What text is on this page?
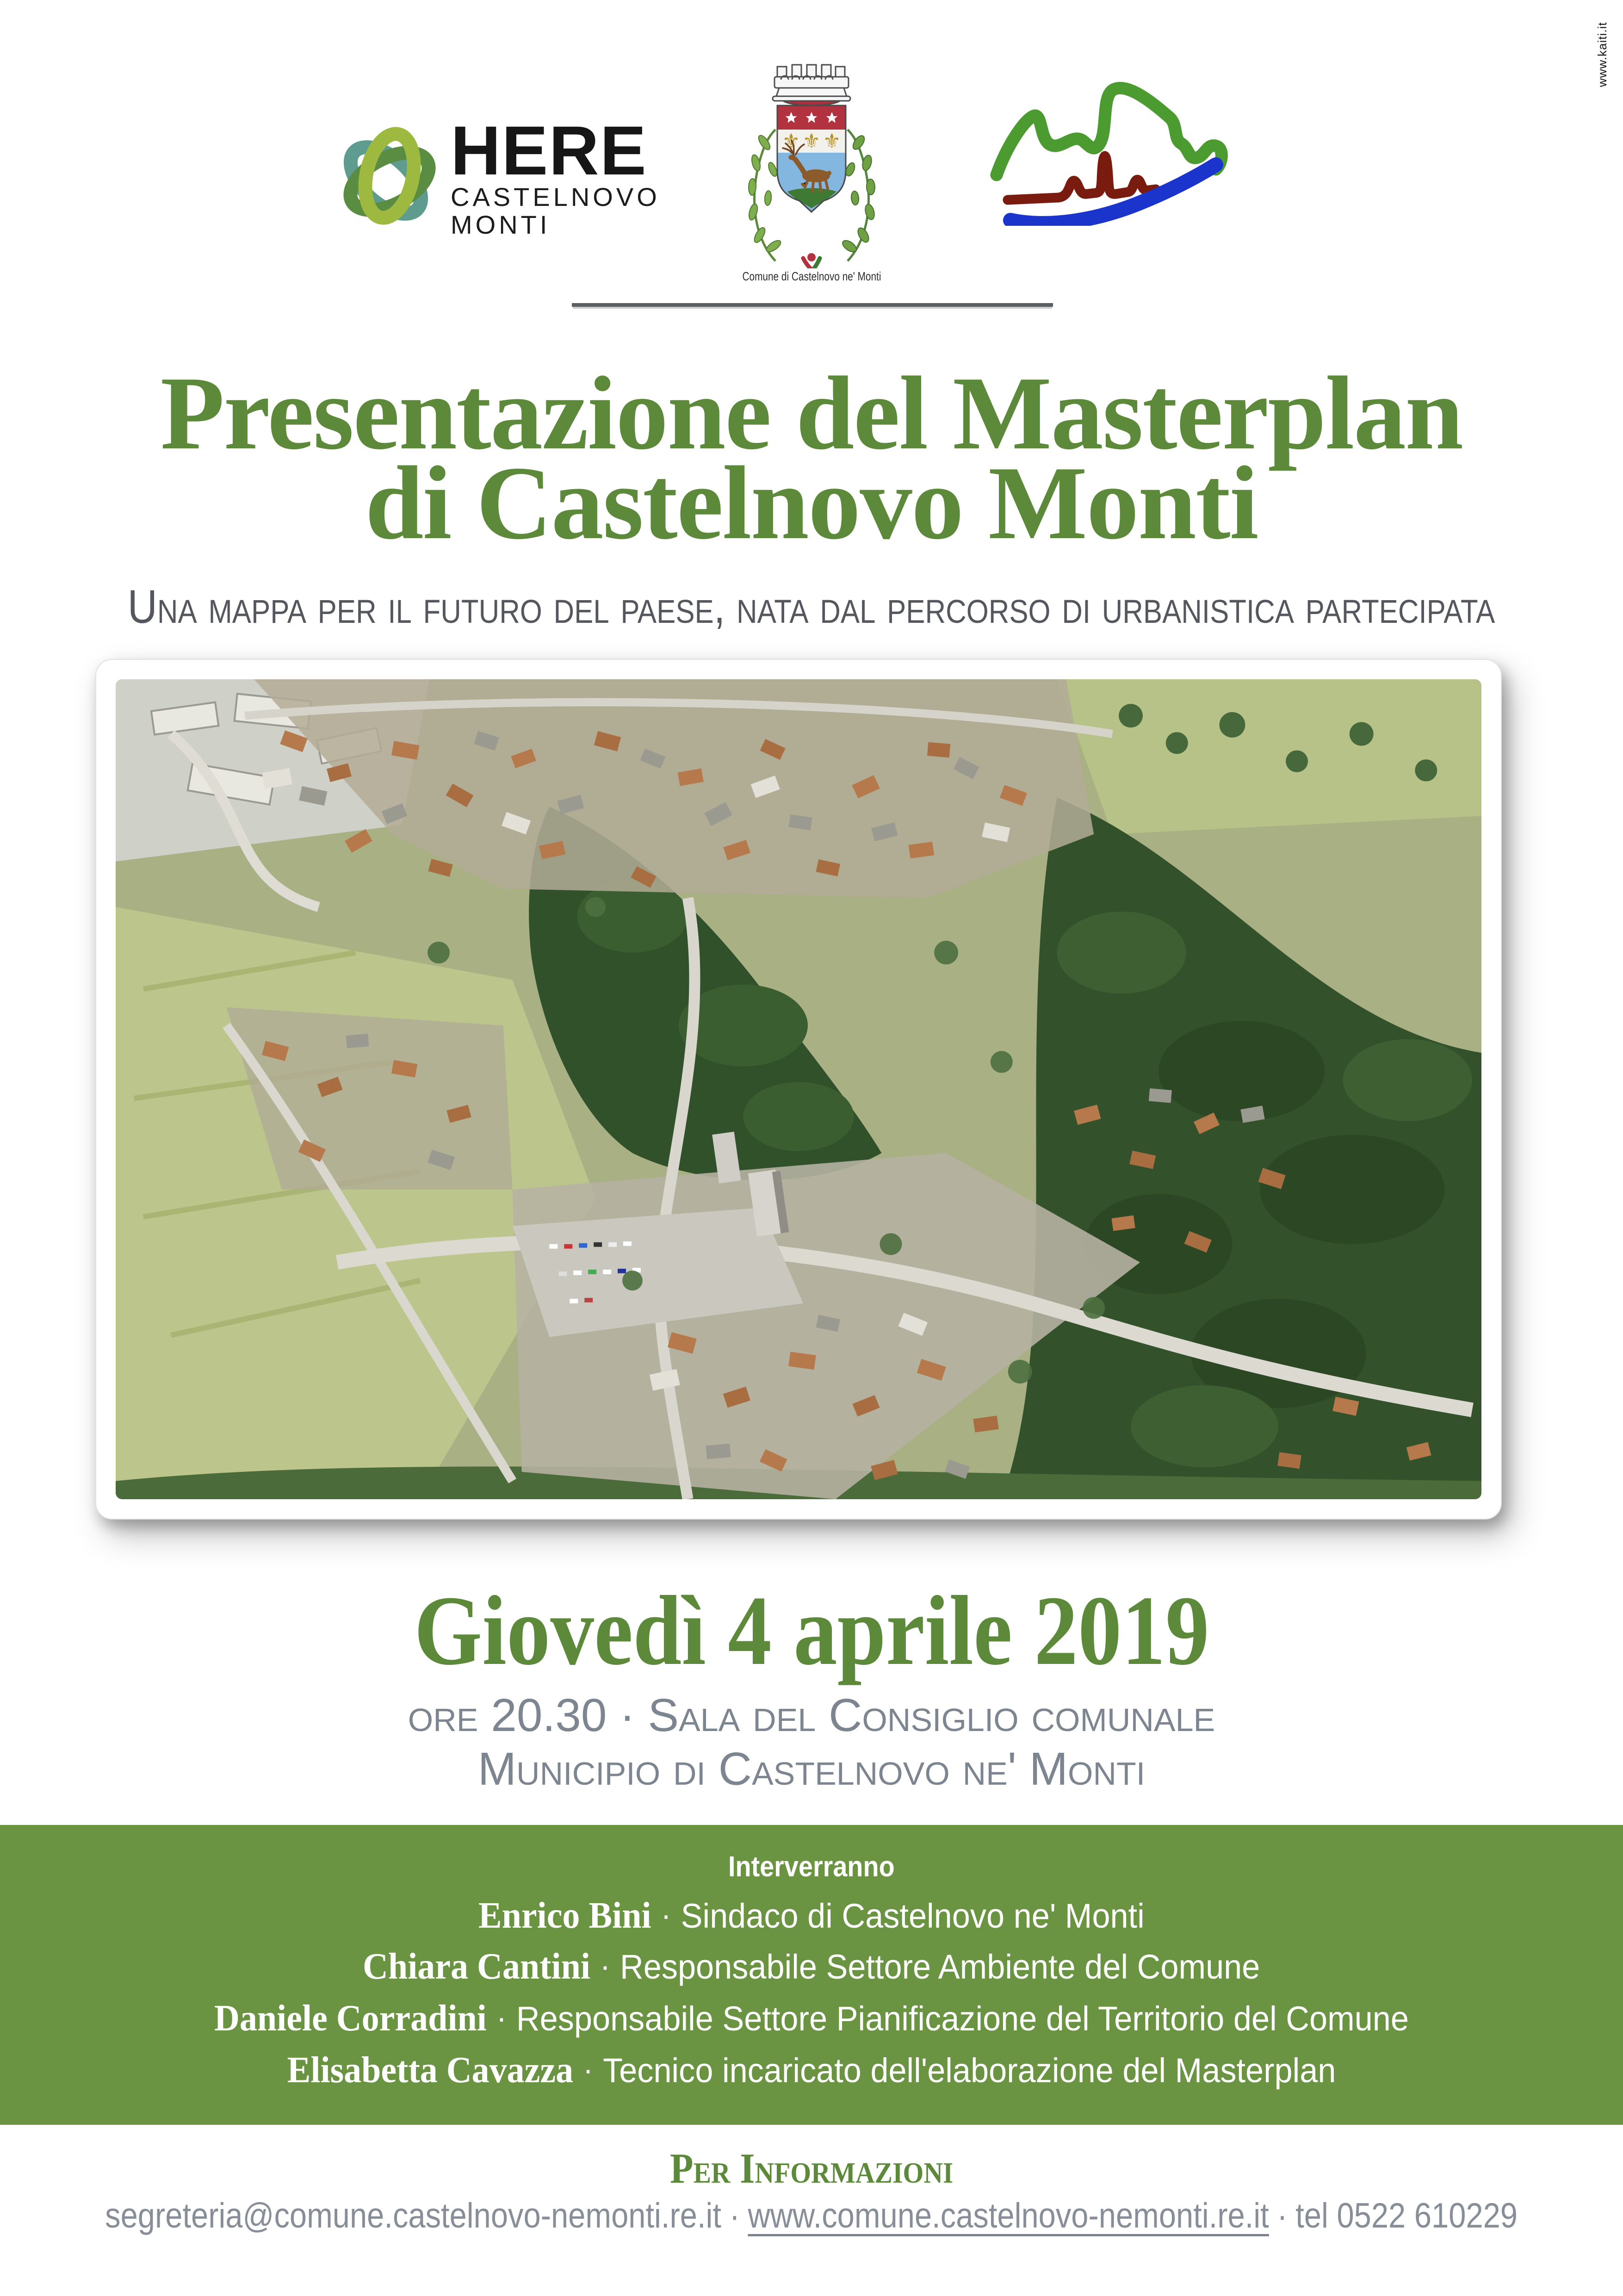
HERE
CASTELNOVO
MONTI
⚜ ⚜ ⚜
Comune di Castelnovo ne' Monti
www.kaiti.it
Presentazione del Masterplan
di Castelnovo Monti
Una mappa per il futuro del paese, nata dal percorso di urbanistica partecipata
Giovedì 4 aprile 2019
ore 20.30 · Sala del Consiglio comunale
Municipio di Castelnovo ne' Monti
Interverranno
Enrico Bini · Sindaco di Castelnovo ne' Monti
Chiara Cantini · Responsabile Settore Ambiente del Comune
Daniele Corradini · Responsabile Settore Pianificazione del Territorio del Comune
Elisabetta Cavazza · Tecnico incaricato dell'elaborazione del Masterplan
Per Informazioni
segreteria@comune.castelnovo-nemonti.re.it · www.comune.castelnovo-nemonti.re.it · tel 0522 610229
